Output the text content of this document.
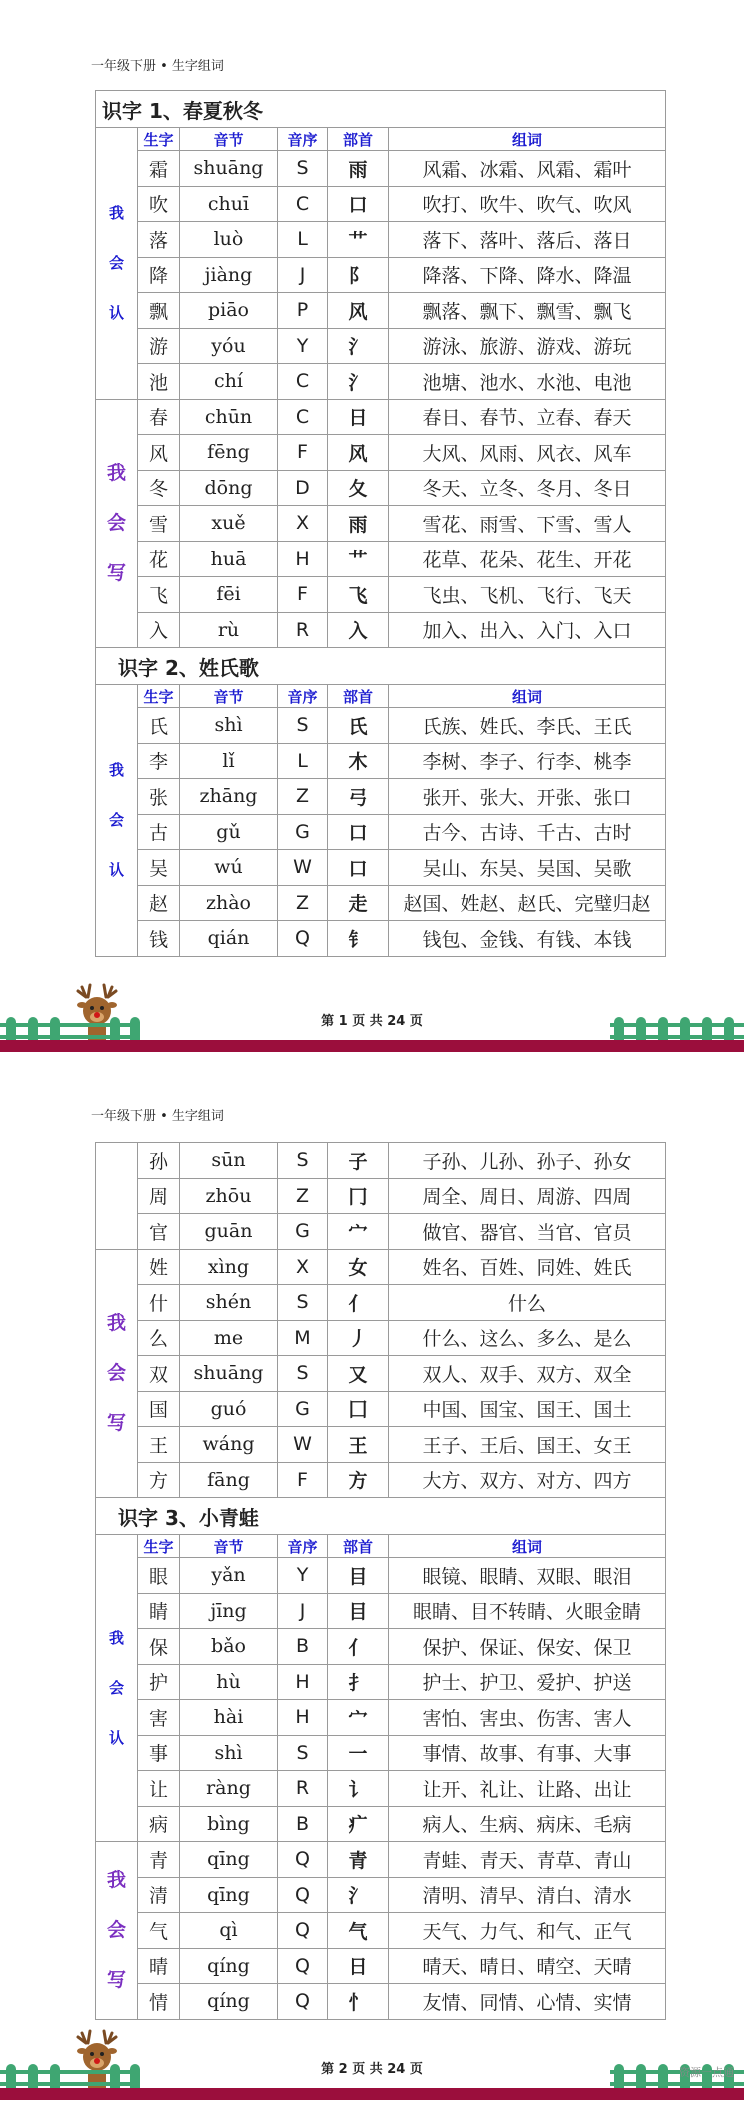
一年级下册 • 生字组词
识字 1、春夏秋冬					

我
会
认	生字	音节	音序	部首	组词
	霜	shuāng	S	雨	风霜、冰霜、风霜、霜叶
	吹	chuī	C	口	吹打、吹牛、吹气、吹风
	落	luò	L	艹	落下、落叶、落后、落日
	降	jiàng	J	阝	降落、下降、降水、降温
	飘	piāo	P	风	飘落、飘下、飘雪、飘飞
	游	yóu	Y	氵	游泳、旅游、游戏、游玩
	池	chí	C	氵	池塘、池水、水池、电池

我
会
写	春	chūn	C	日	春日、春节、立春、春天
	风	fēng	F	风	大风、风雨、风衣、风车
	冬	dōng	D	夂	冬天、立冬、冬月、冬日
	雪	xuě	X	雨	雪花、雨雪、下雪、雪人
	花	huā	H	艹	花草、花朵、花生、开花
	飞	fēi	F	飞	飞虫、飞机、飞行、飞天
	入	rù	R	入	加入、出入、入门、入口
识字 2、姓氏歌					

我
会
认	生字	音节	音序	部首	组词
	氏	shì	S	氏	氏族、姓氏、李氏、王氏
	李	lǐ	L	木	李树、李子、行李、桃李
	张	zhāng	Z	弓	张开、张大、开张、张口
	古	gǔ	G	口	古今、古诗、千古、古时
	吴	wú	W	口	吴山、东吴、吴国、吴歌
	赵	zhào	Z	走	赵国、姓赵、赵氏、完璧归赵
	钱	qián	Q	钅	钱包、金钱、有钱、本钱
第 1 页 共 24 页
一年级下册 • 生字组词
	孙	sūn	S	子	子孙、儿孙、孙子、孙女
	周	zhōu	Z	冂	周全、周日、周游、四周
	官	guān	G	宀	做官、器官、当官、官员

我
会
写	姓	xìng	X	女	姓名、百姓、同姓、姓氏
	什	shén	S	亻	什么
	么	me	M	丿	什么、这么、多么、是么
	双	shuāng	S	又	双人、双手、双方、双全
	国	guó	G	囗	中国、国宝、国王、国土
	王	wáng	W	王	王子、王后、国王、女王
	方	fāng	F	方	大方、双方、对方、四方
识字 3、小青蛙					

我
会
认	生字	音节	音序	部首	组词
	眼	yǎn	Y	目	眼镜、眼睛、双眼、眼泪
	睛	jīng	J	目	眼睛、目不转睛、火眼金睛
	保	bǎo	B	亻	保护、保证、保安、保卫
	护	hù	H	扌	护士、护卫、爱护、护送
	害	hài	H	宀	害怕、害虫、伤害、害人
	事	shì	S	一	事情、故事、有事、大事
	让	ràng	R	讠	让开、礼让、让路、出让
	病	bìng	B	疒	病人、生病、病床、毛病

我
会
写	青	qīng	Q	青	青蛙、青天、青草、青山
	清	qīng	Q	氵	清明、清早、清白、清水
	气	qì	Q	气	天气、力气、和气、正气
	晴	qíng	Q	日	晴天、晴日、晴空、天晴
	情	qíng	Q	忄	友情、同情、心情、实情
第 2 页 共 24 页	资源一点通
